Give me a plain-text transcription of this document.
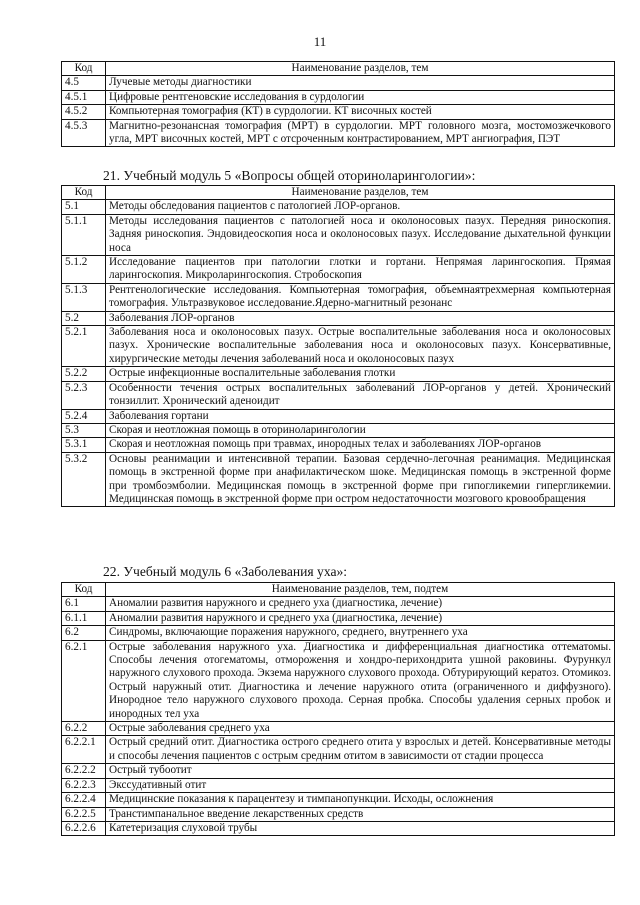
11
Код	Наименование разделов, тем
4.5	Лучевые методы диагностики
4.5.1	Цифровые рентгеновские исследования в сурдологии
4.5.2	Компьютерная томография (КТ) в сурдологии. КТ височных костей
4.5.3	Магнитно-резонансная томография (МРТ) в сурдологии. МРТ головного мозга, мостомозжечкового угла, МРТ височных костей, МРТ с отсроченным контрастированием, МРТ ангиография, ПЭТ
21. Учебный модуль 5 «Вопросы общей оториноларингологии»:
Код	Наименование разделов, тем
5.1	Методы обследования пациентов с патологией ЛОР-органов.
5.1.1	Методы исследования пациентов с патологией носа и околоносовых пазух. Передняя риноскопия. Задняя риноскопия. Эндовидеоскопия носа и околоносовых пазух. Исследование дыхательной функции носа
5.1.2	Исследование пациентов при патологии глотки и гортани. Непрямая ларингоскопия. Прямая ларингоскопия. Микроларингоскопия. Стробоскопия
5.1.3	Рентгенологические исследования. Компьютерная томография, объемнаятрехмерная компьютерная томография. Ультразвуковое исследование.Ядерно-магнитный резонанс
5.2	Заболевания ЛОР-органов
5.2.1	Заболевания носа и околоносовых пазух. Острые воспалительные заболевания носа и околоносовых пазух. Хронические воспалительные заболевания носа и околоносовых пазух. Консервативные, хирургические методы лечения заболеваний носа и околоносовых пазух
5.2.2	Острые инфекционные воспалительные заболевания глотки
5.2.3	Особенности течения острых воспалительных заболеваний ЛОР-органов у детей. Хронический тонзиллит. Хронический аденоидит
5.2.4	Заболевания гортани
5.3	Скорая и неотложная помощь в оториноларингологии
5.3.1	Скорая и неотложная помощь при травмах, инородных телах и заболеваниях ЛОР-органов
5.3.2	Основы реанимации и интенсивной терапии. Базовая сердечно-легочная реанимация. Медицинская помощь в экстренной форме при анафилактическом шоке. Медицинская помощь в экстренной форме при тромбоэмболии. Медицинская помощь в экстренной форме при гипогликемии гипергликемии. Медицинская помощь в экстренной форме при остром недостаточности мозгового кровообращения
22. Учебный модуль 6 «Заболевания уха»:
Код	Наименование разделов, тем, подтем
6.1	Аномалии развития наружного и среднего уха (диагностика, лечение)
6.1.1	Аномалии развития наружного и среднего уха (диагностика, лечение)
6.2	Синдромы, включающие поражения наружного, среднего, внутреннего уха
6.2.1	Острые заболевания наружного уха. Диагностика и дифференциальная диагностика оттематомы. Способы лечения отогематомы, отмороження и хондро-перихондрита ушной раковины. Фурункул наружного слухового прохода. Экзема наружного слухового прохода. Обтурирующий кератоз. Отомикоз. Острый наружный отит. Диагностика и лечение наружного отита (ограниченного и диффузного). Инородное тело наружного слухового прохода. Серная пробка. Способы удаления серных пробок и инородных тел уха
6.2.2	Острые заболевания среднего уха
6.2.2.1	Острый средний отит. Диагностика острого среднего отита у взрослых и детей. Консервативные методы и способы лечения пациентов с острым средним отитом в зависимости от стадии процесса
6.2.2.2	Острый тубоотит
6.2.2.3	Экссудативный отит
6.2.2.4	Медицинские показания к парацентезу и тимпанопункции. Исходы, осложнения
6.2.2.5	Транстимпанальное введение лекарственных средств
6.2.2.6	Катетеризация слуховой трубы
